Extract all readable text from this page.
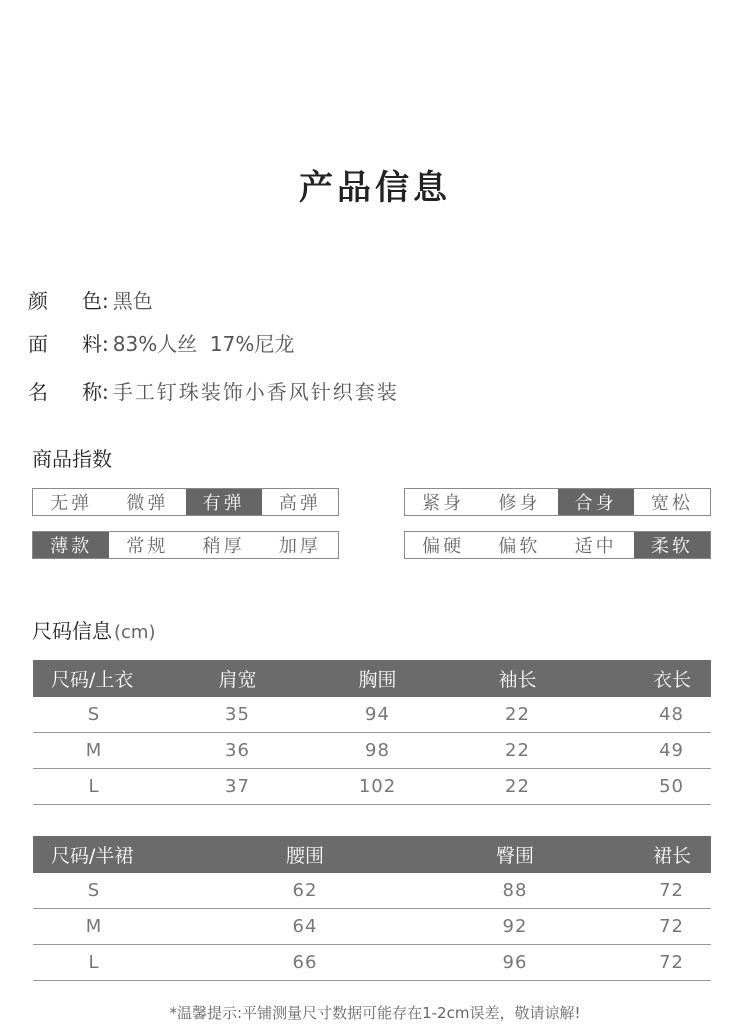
产品信息
颜	色 : 黑色
面	料 : 83%人丝  17%尼龙
名	称 : 手工钉珠装饰小香风针织套装
商品指数
无弹	微弹	有弹	高弹	紧身	修身	合身	宽松
薄款	常规	稍厚	加厚	偏硬	偏软	适中	柔软
尺码信息 (cm)
尺码/上衣	肩宽	胸围	袖长	衣长
S	35	94	22	48
M	36	98	22	49
L	37	102	22	50
尺码/半裙	腰围	臀围	裙长
S	62	88	72
M	64	92	72
L	66	96	72
*温馨提示:平铺测量尺寸数据可能存在1-2cm误差，敬请谅解!
